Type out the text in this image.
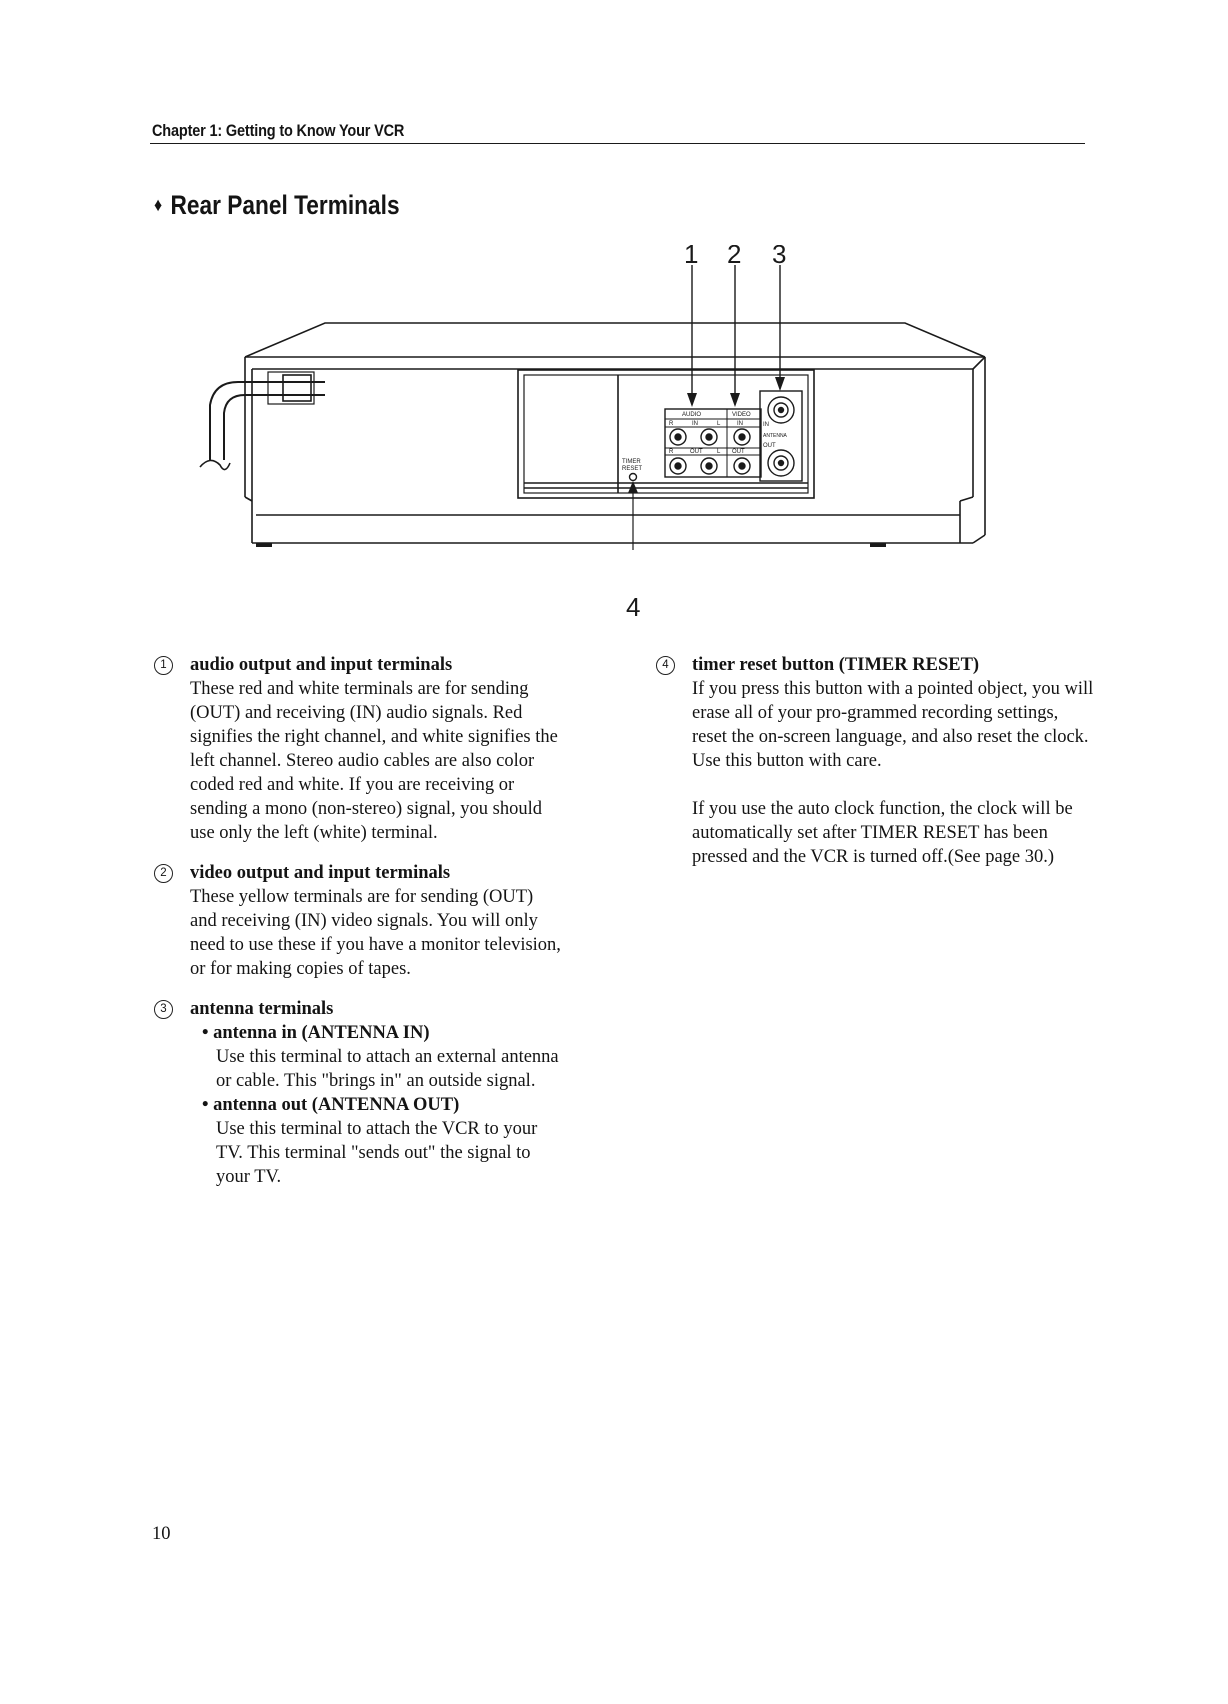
Chapter 1: Getting to Know Your VCR
♦ Rear Panel Terminals
AUDIO	VIDEO
R	IN	L	IN
R	OUT L OUT
IN
ANTENNA
OUT
TIMER
RESET
1 2 3
4
1	audio output and input terminals

These red and white terminals are for sending (OUT) and receiving (IN) audio signals. Red signifies the right channel, and white signifies the left channel. Stereo audio cables are also color coded red and white. If you are receiving or sending a mono (non-stereo) signal, you should use only the left (white) terminal.

2	video output and input terminals

These yellow terminals are for sending (OUT) and receiving (IN) video signals. You will only need to use these if you have a monitor television, or for making copies of tapes.

3	antenna terminals
• antenna in (ANTENNA IN)
Use this terminal to attach an external antenna or cable. This "brings in" an outside signal.
• antenna out (ANTENNA OUT)
Use this terminal to attach the VCR to your TV. This terminal "sends out" the signal to your TV.
4	timer reset button (TIMER RESET)

If you press this button with a pointed object, you will erase all of your pro-grammed recording settings, reset the on-screen language, and also reset the clock. Use this button with care.

If you use the auto clock function, the clock will be automatically set after TIMER RESET has been pressed and the VCR is turned off.(See page 30.)

10
